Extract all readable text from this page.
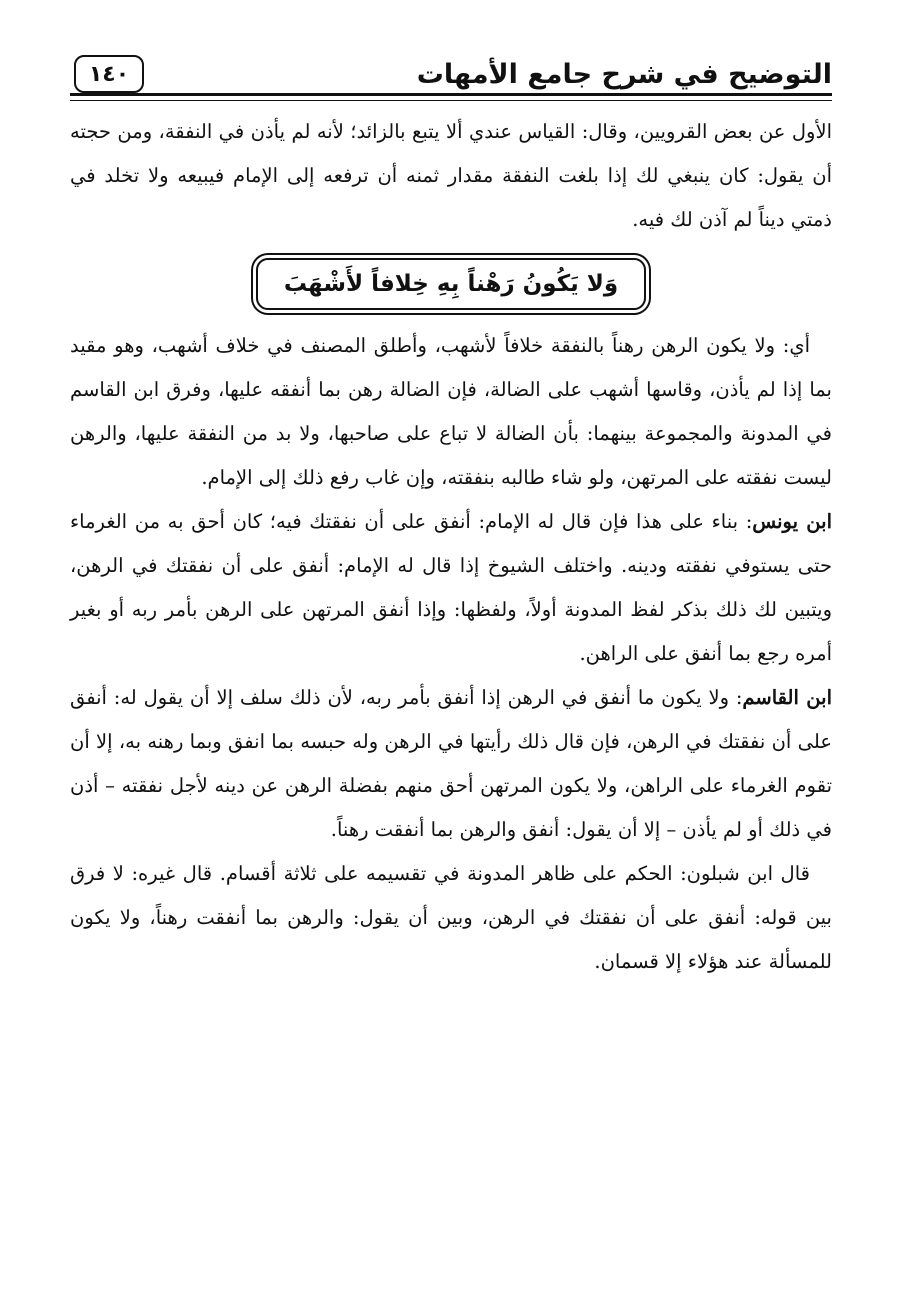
التوضيح في شرح جامع الأمهات
١٤٠

الأول عن بعض القرويين، وقال: القياس عندي ألا يتبع بالزائد؛ لأنه لم يأذن في النفقة، ومن حجته أن يقول: كان ينبغي لك إذا بلغت النفقة مقدار ثمنه أن ترفعه إلى الإمام فيبيعه ولا تخلد في ذمتي ديناً لم آذن لك فيه.

وَلا يَكُونُ رَهْناً بِهِ خِلافاً لأَشْهَبَ

أي: ولا يكون الرهن رهناً بالنفقة خلافاً لأشهب، وأطلق المصنف في خلاف أشهب، وهو مقيد بما إذا لم يأذن، وقاسها أشهب على الضالة، فإن الضالة رهن بما أنفقه عليها، وفرق ابن القاسم في المدونة والمجموعة بينهما: بأن الضالة لا تباع على صاحبها، ولا بد من النفقة عليها، والرهن ليست نفقته على المرتهن، ولو شاء طالبه بنفقته، وإن غاب رفع ذلك إلى الإمام.

ابن يونس: بناء على هذا فإن قال له الإمام: أنفق على أن نفقتك فيه؛ كان أحق به من الغرماء حتى يستوفي نفقته ودينه. واختلف الشيوخ إذا قال له الإمام: أنفق على أن نفقتك في الرهن، ويتبين لك ذلك بذكر لفظ المدونة أولاً، ولفظها: وإذا أنفق المرتهن على الرهن بأمر ربه أو بغير أمره رجع بما أنفق على الراهن.

ابن القاسم: ولا يكون ما أنفق في الرهن إذا أنفق بأمر ربه، لأن ذلك سلف إلا أن يقول له: أنفق على أن نفقتك في الرهن، فإن قال ذلك رأيتها في الرهن وله حبسه بما انفق وبما رهنه به، إلا أن تقوم الغرماء على الراهن، ولا يكون المرتهن أحق منهم بفضلة الرهن عن دينه لأجل نفقته – أذن في ذلك أو لم يأذن – إلا أن يقول: أنفق والرهن بما أنفقت رهناً.

قال ابن شبلون: الحكم على ظاهر المدونة في تقسيمه على ثلاثة أقسام. قال غيره: لا فرق بين قوله: أنفق على أن نفقتك في الرهن، وبين أن يقول: والرهن بما أنفقت رهناً، ولا يكون للمسألة عند هؤلاء إلا قسمان.
